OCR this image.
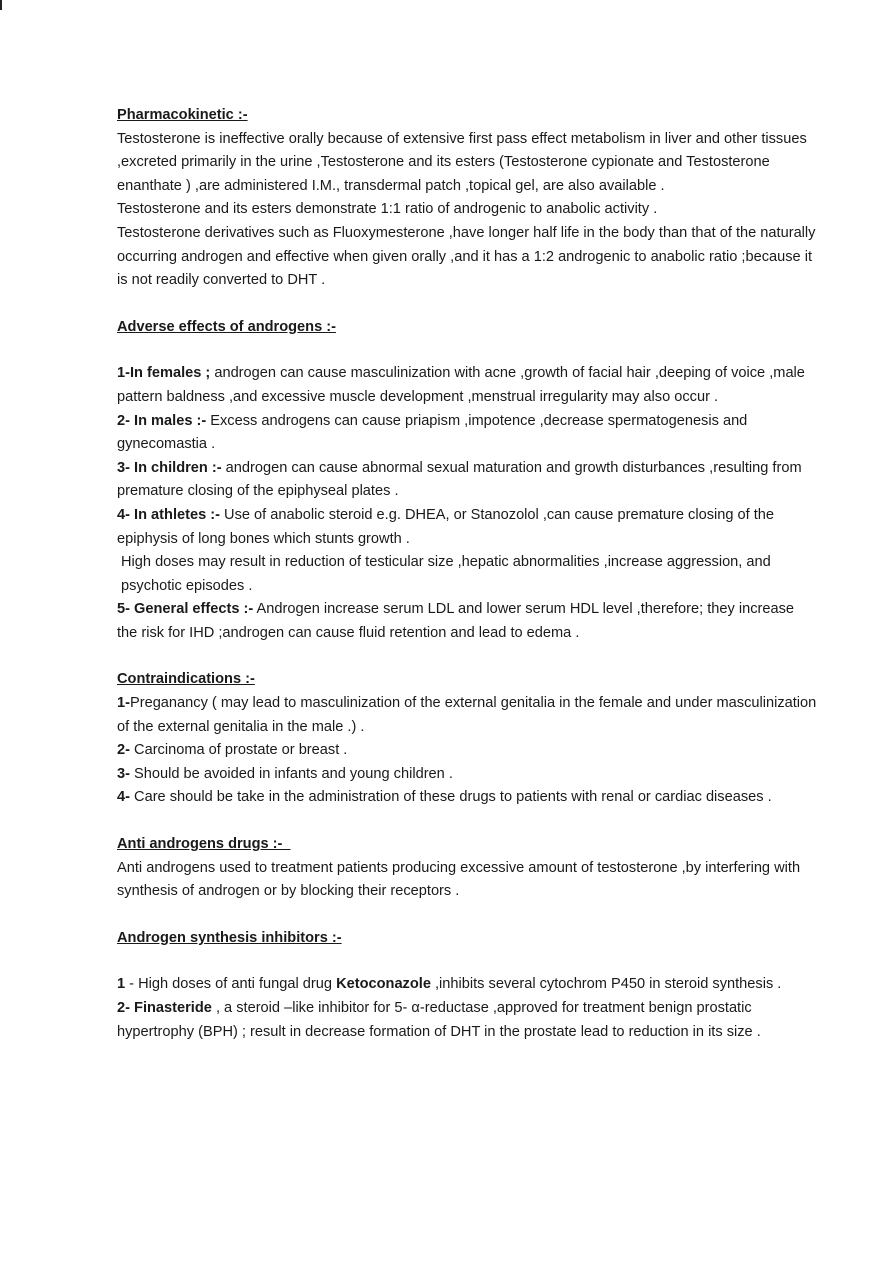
Pharmacokinetic :-

Testosterone is ineffective orally because of extensive first pass effect metabolism in liver and other tissues ,excreted primarily in the urine ,Testosterone and its esters (Testosterone cypionate and Testosterone enanthate ) ,are administered I.M., transdermal patch ,topical gel, are also available .

Testosterone and its esters demonstrate 1:1 ratio of androgenic to anabolic activity .

Testosterone derivatives such as Fluoxymesterone ,have longer half life in the body than that of the naturally occurring androgen and effective when given orally ,and it has a 1:2 androgenic to anabolic ratio ;because it is not readily converted to DHT .

Adverse effects of androgens :-

1-In females ; androgen can cause masculinization with acne ,growth of facial hair ,deeping of voice ,male pattern baldness ,and excessive muscle development ,menstrual irregularity may also occur .

2- In males :- Excess androgens can cause priapism ,impotence ,decrease spermatogenesis and gynecomastia .

3- In children :- androgen can cause abnormal sexual maturation and growth disturbances ,resulting from premature closing of the epiphyseal plates .

4- In athletes :- Use of anabolic steroid e.g. DHEA, or Stanozolol ,can cause premature closing of the epiphysis of long bones which stunts growth .

High doses may result in reduction of testicular size ,hepatic abnormalities ,increase aggression, and psychotic episodes .

5- General effects :- Androgen increase serum LDL and lower serum HDL level ,therefore; they increase the risk for IHD ;androgen can cause fluid retention and lead to edema .

Contraindications :-

1-Preganancy ( may lead to masculinization of the external genitalia in the female and under masculinization of the external genitalia in the male .) .

2- Carcinoma of prostate or breast .

3- Should be avoided in infants and young children .

4- Care should be take in the administration of these drugs to patients with renal or cardiac diseases .

Anti androgens drugs :-

Anti androgens used to treatment patients producing excessive amount of testosterone ,by interfering with synthesis of androgen or by blocking their receptors .

Androgen synthesis inhibitors :-

1 - High doses of anti fungal drug Ketoconazole ,inhibits several cytochrom P450 in steroid synthesis .

2- Finasteride , a steroid –like inhibitor for 5- α-reductase ,approved for treatment benign prostatic hypertrophy (BPH) ; result in decrease formation of DHT in the prostate lead to reduction in its size .
